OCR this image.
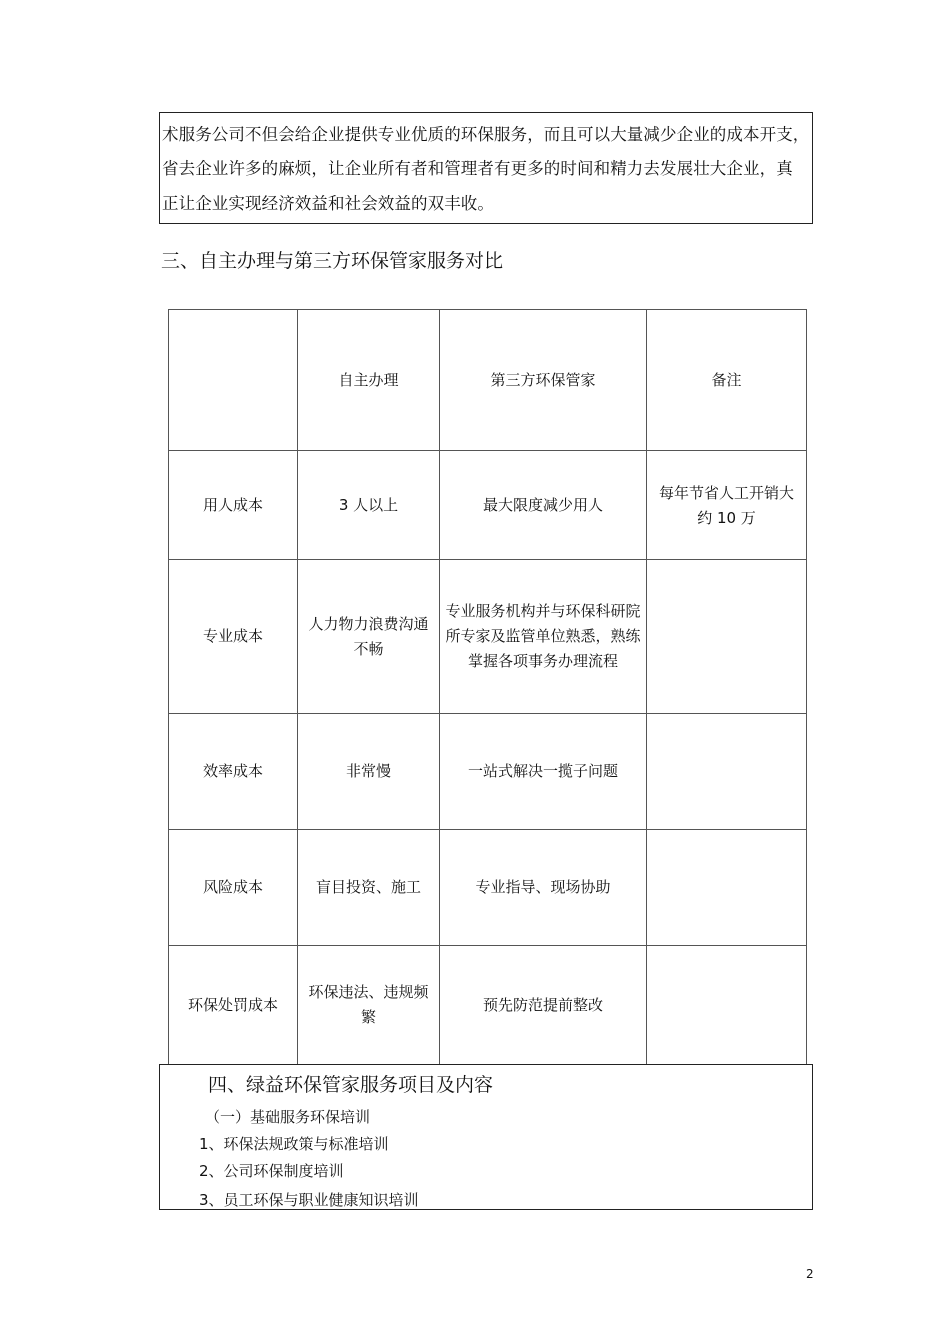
术服务公司不但会给企业提供专业优质的环保服务，而且可以大量减少企业的成本开支，
省去企业许多的麻烦，让企业所有者和管理者有更多的时间和精力去发展壮大企业，真
正让企业实现经济效益和社会效益的双丰收。
三、自主办理与第三方环保管家服务对比
	自主办理	第三方环保管家	备注
用人成本	3 人以上	最大限度减少用人	每年节省人工开销大约 10 万
专业成本	人力物力浪费沟通不畅	专业服务机构并与环保科研院所专家及监管单位熟悉，熟练掌握各项事务办理流程	
效率成本	非常慢	一站式解决一揽子问题	
风险成本	盲目投资、施工	专业指导、现场协助	
环保处罚成本	环保违法、违规频繁	预先防范提前整改	
四、绿益环保管家服务项目及内容
（一）基础服务环保培训
1、环保法规政策与标准培训
2、公司环保制度培训
3、员工环保与职业健康知识培训
2
